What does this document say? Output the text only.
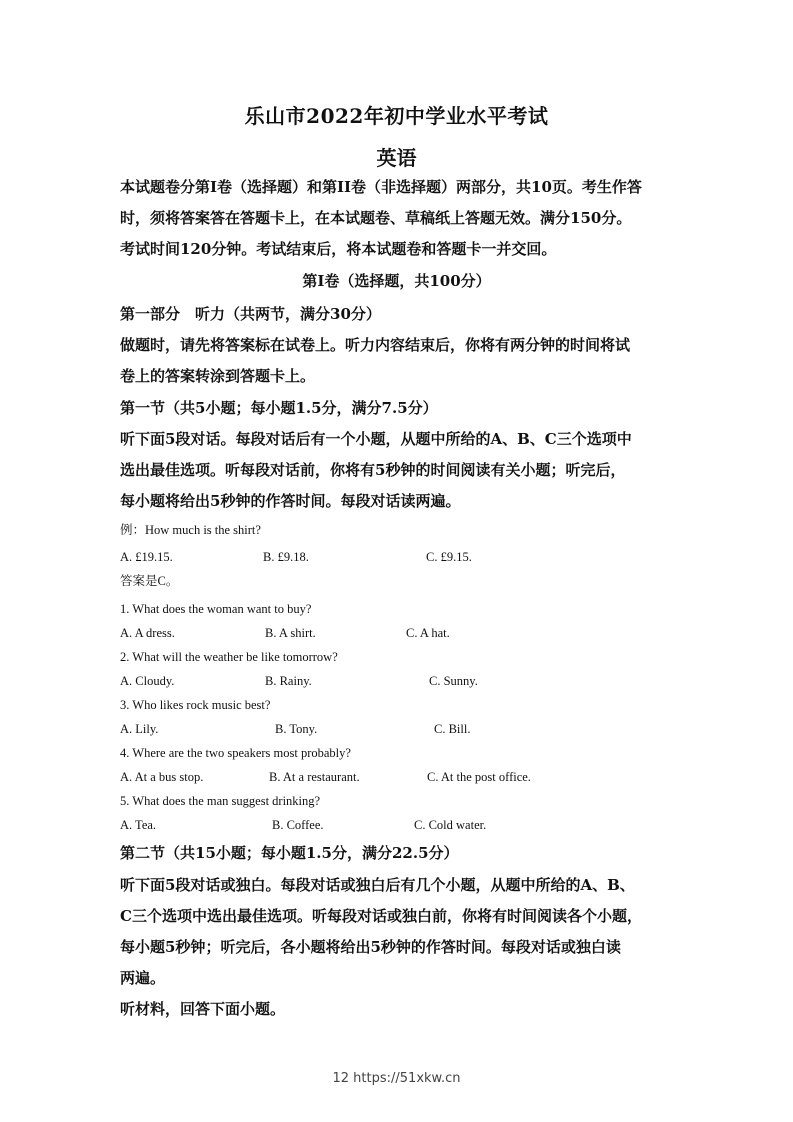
乐山市2022年初中学业水平考试
英语
本试题卷分第I卷（选择题）和第II卷（非选择题）两部分，共10页。考生作答
时，须将答案答在答题卡上，在本试题卷、草稿纸上答题无效。满分150分。
考试时间120分钟。考试结束后，将本试题卷和答题卡一并交回。
第I卷（选择题，共100分）
第一部分　听力（共两节，满分30分）
做题时，请先将答案标在试卷上。听力内容结束后，你将有两分钟的时间将试
卷上的答案转涂到答题卡上。
第一节（共5小题；每小题1.5分，满分7.5分）
听下面5段对话。每段对话后有一个小题，从题中所给的A、B、C三个选项中
选出最佳选项。听每段对话前，你将有5秒钟的时间阅读有关小题；听完后，
每小题将给出5秒钟的作答时间。每段对话读两遍。
例：How much is the shirt?
A. £19.15.	B. £9.18.	C. £9.15.
答案是C。
1. What does the woman want to buy?
A. A dress.	B. A shirt.	C. A hat.
2. What will the weather be like tomorrow?
A. Cloudy.	B. Rainy.	C. Sunny.
3. Who likes rock music best?
A. Lily.	B. Tony.	C. Bill.
4. Where are the two speakers most probably?
A. At a bus stop.	B. At a restaurant.	C. At the post office.
5. What does the man suggest drinking?
A. Tea.	B. Coffee.	C. Cold water.
第二节（共15小题；每小题1.5分，满分22.5分）
听下面5段对话或独白。每段对话或独白后有几个小题，从题中所给的A、B、
C三个选项中选出最佳选项。听每段对话或独白前，你将有时间阅读各个小题，
每小题5秒钟；听完后，各小题将给出5秒钟的作答时间。每段对话或独白读
两遍。
听材料，回答下面小题。
12 https://51xkw.cn
